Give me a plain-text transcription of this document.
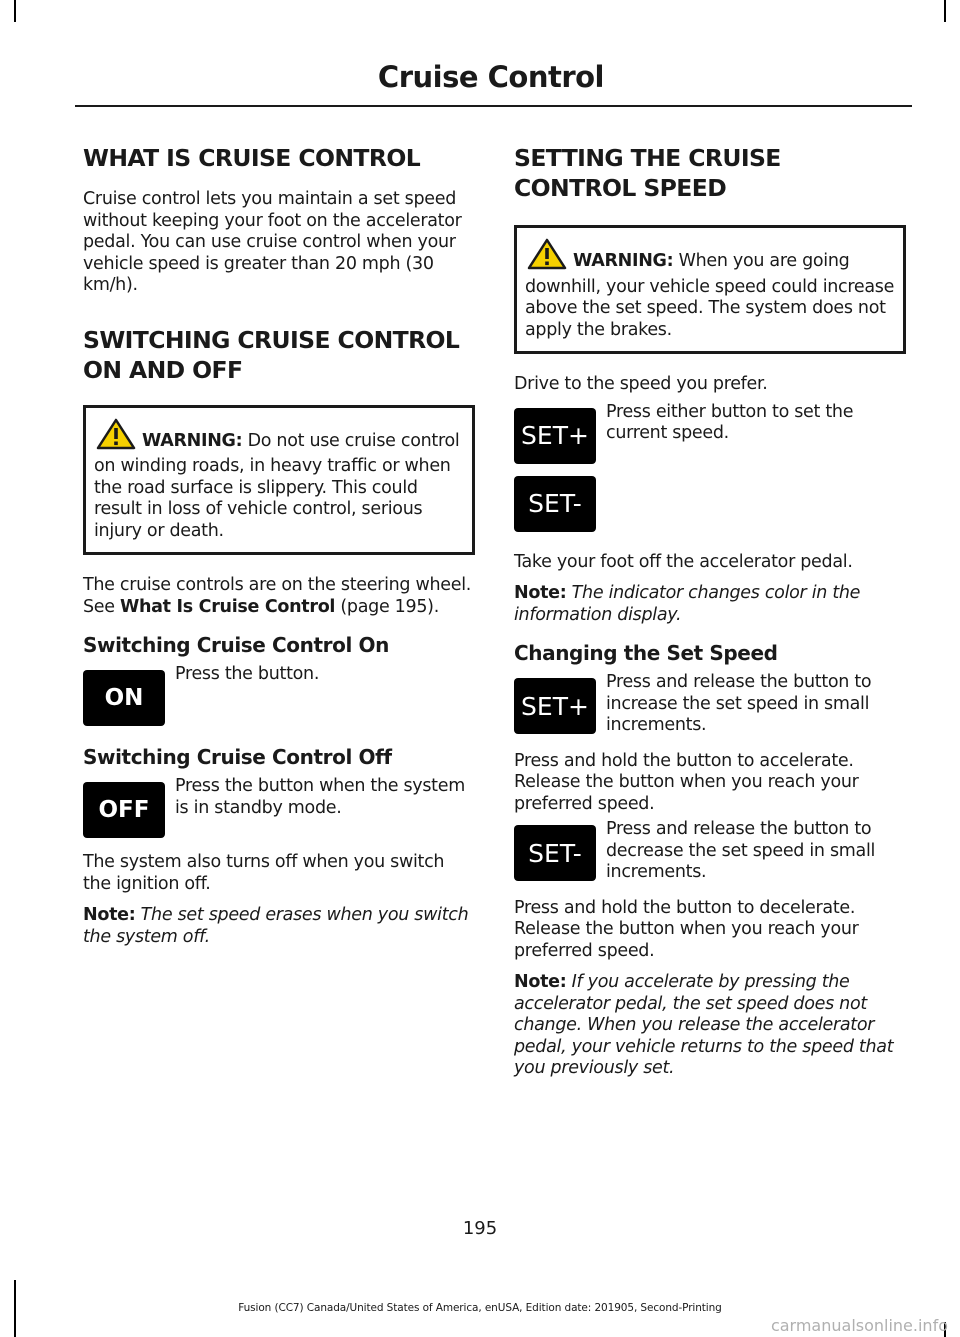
Cruise Control
WHAT IS CRUISE CONTROL

Cruise control lets you maintain a set speed without keeping your foot on the accelerator pedal. You can use cruise control when your vehicle speed is greater than 20 mph (30 km/h).

SWITCHING CRUISE CONTROL
ON AND OFF
WARNING: Do not use cruise control on winding roads, in heavy traffic or when the road surface is slippery. This could result in loss of vehicle control, serious injury or death.

The cruise controls are on the steering wheel. See What Is Cruise Control (page 195).

Switching Cruise Control On
ON
Press the button.
Switching Cruise Control Off
OFF
Press the button when the system is in standby mode.

The system also turns off when you switch the ignition off.

Note: The set speed erases when you switch the system off.

SETTING THE CRUISE
CONTROL SPEED
WARNING: When you are going downhill, your vehicle speed could increase above the set speed. The system does not apply the brakes.

Drive to the speed you prefer.

SET+
SET-
Press either button to set the current speed.

Take your foot off the accelerator pedal.

Note: The indicator changes color in the information display.

Changing the Set Speed
SET+
Press and release the button to increase the set speed in small increments.

Press and hold the button to accelerate. Release the button when you reach your preferred speed.

SET-
Press and release the button to decrease the set speed in small increments.

Press and hold the button to decelerate. Release the button when you reach your preferred speed.

Note: If you accelerate by pressing the accelerator pedal, the set speed does not change. When you release the accelerator pedal, your vehicle returns to the speed that you previously set.

195
Fusion (CC7) Canada/United States of America, enUSA, Edition date: 201905, Second-Printing
carmanualsonline.info
